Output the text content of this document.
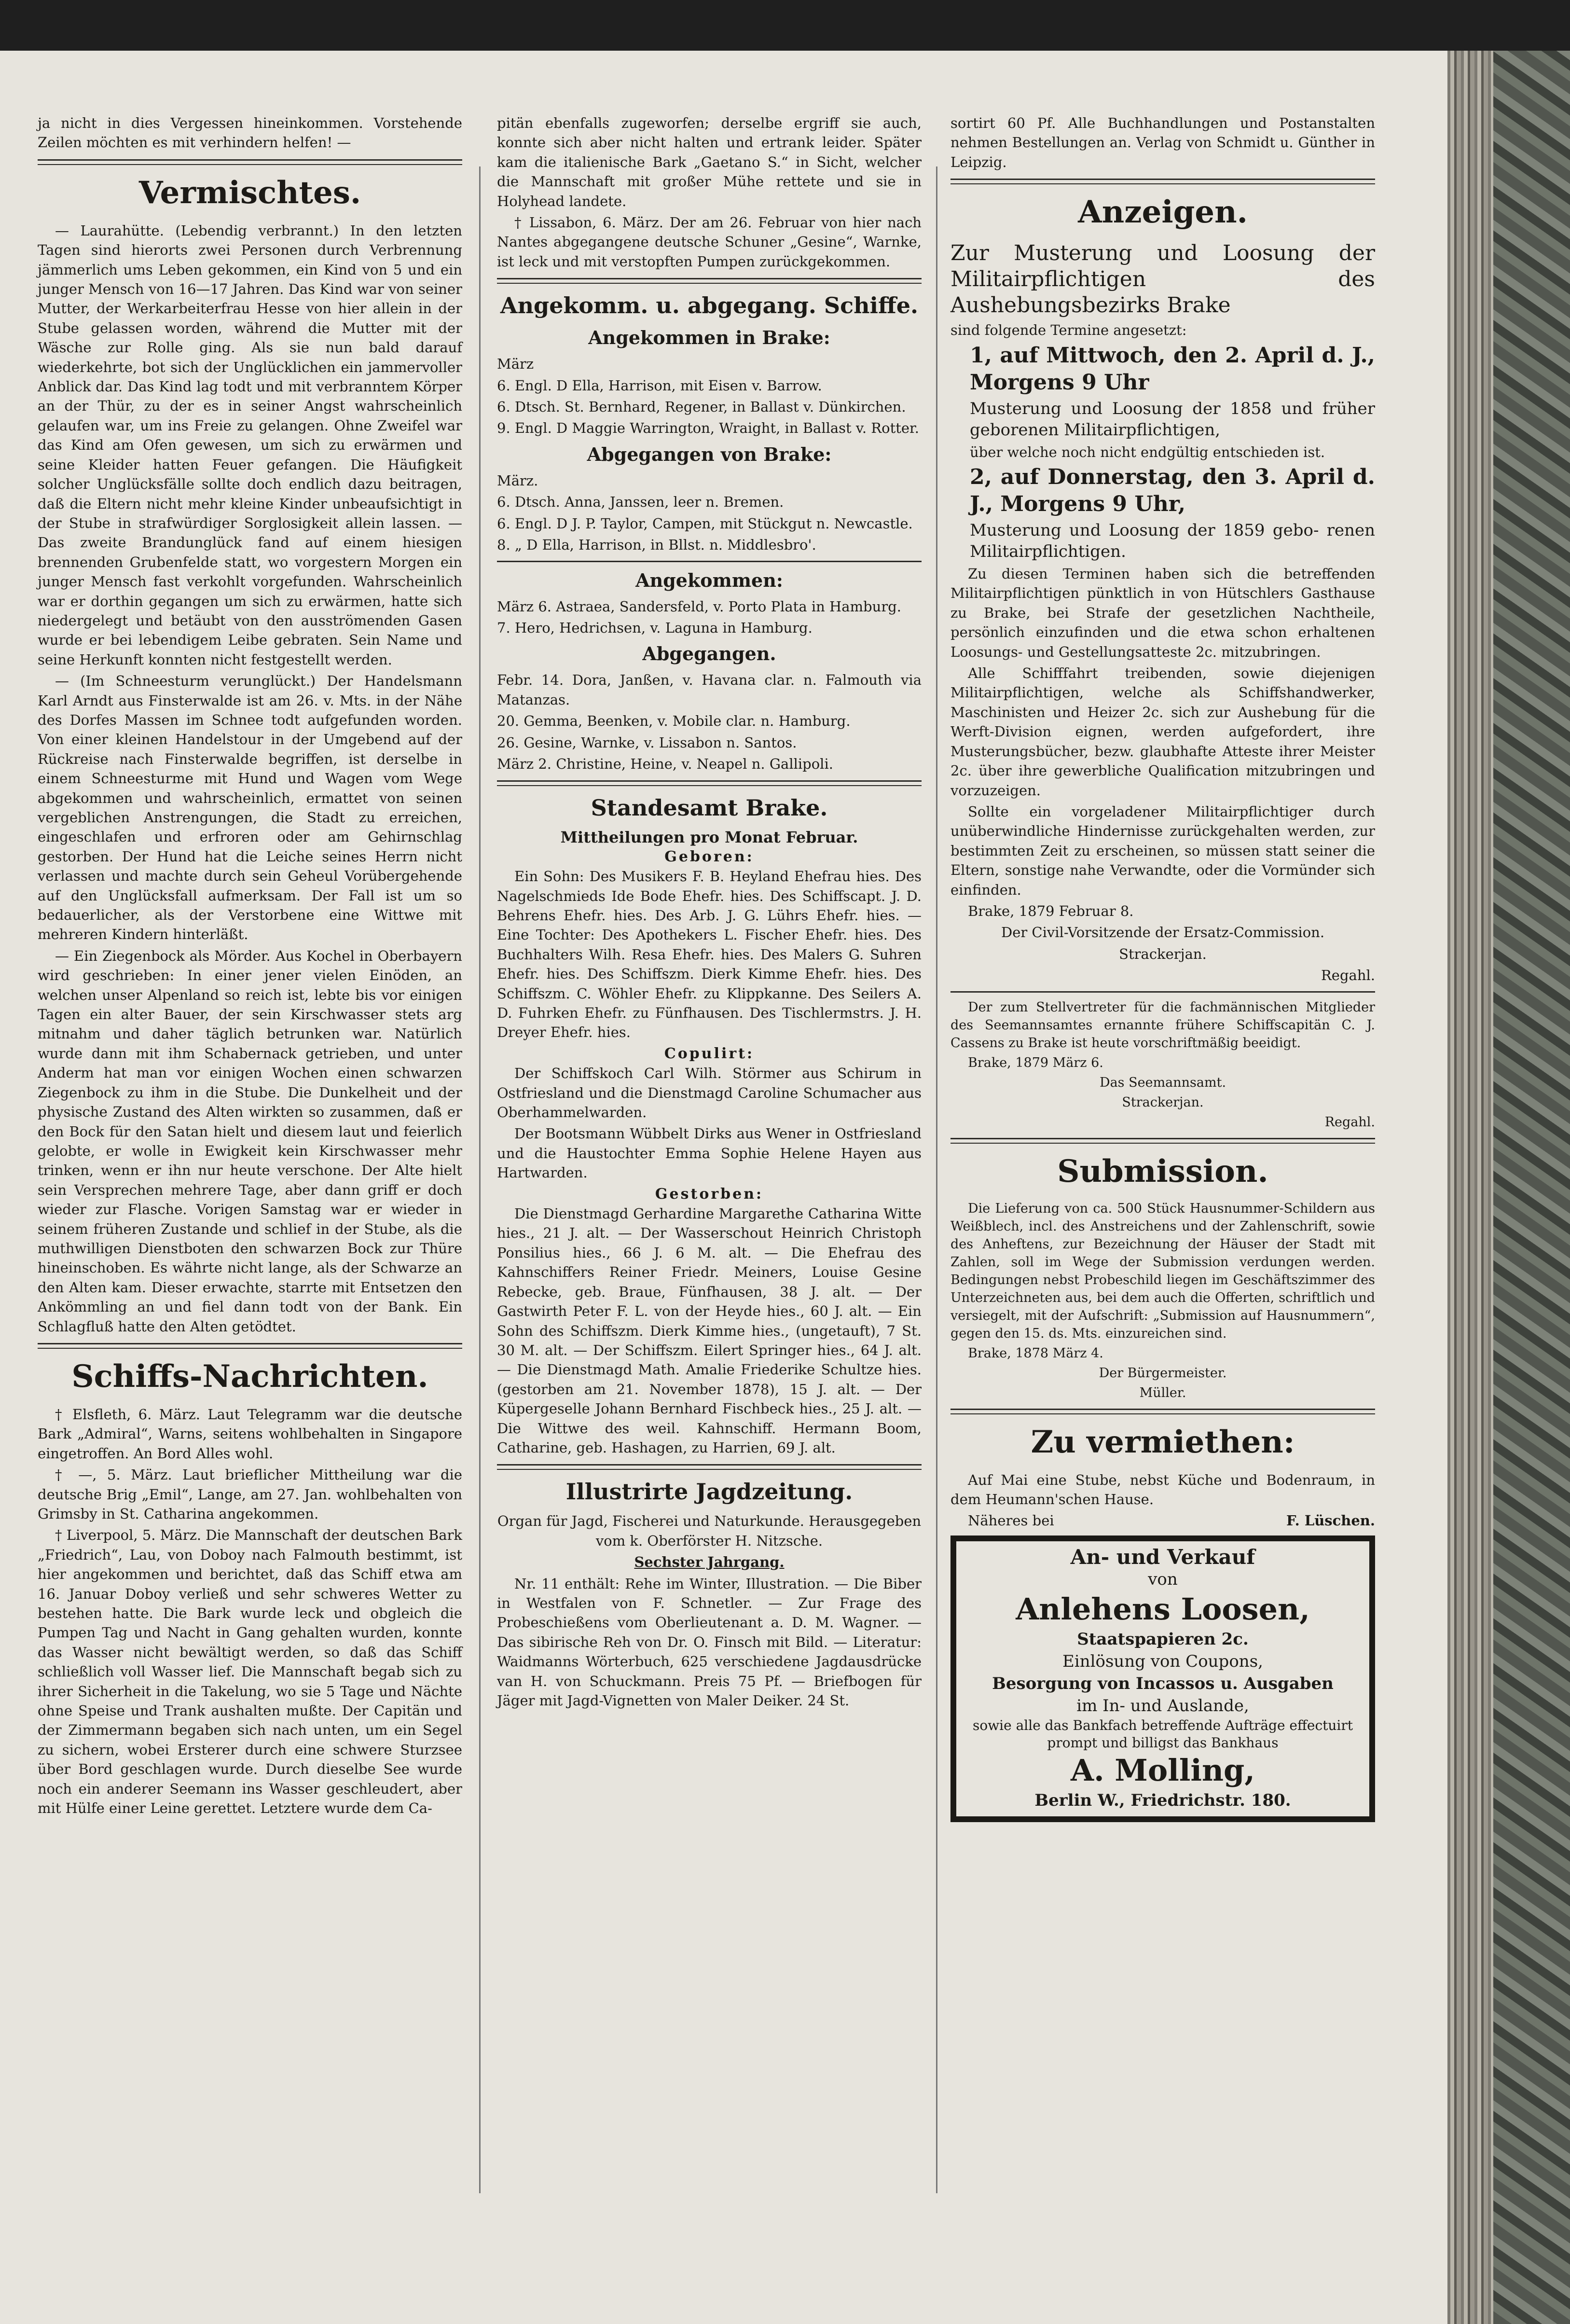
ja nicht in dies Vergessen hineinkommen. Vorstehende Zeilen möchten es mit verhindern helfen! —

Vermischtes.

— Laurahütte. (Lebendig verbrannt.) In den letzten Tagen sind hierorts zwei Personen durch Verbrennung jämmerlich ums Leben gekommen, ein Kind von 5 und ein junger Mensch von 16—17 Jahren. Das Kind war von seiner Mutter, der Werkarbeiterfrau Hesse von hier allein in der Stube gelassen worden, während die Mutter mit der Wäsche zur Rolle ging. Als sie nun bald darauf wiederkehrte, bot sich der Unglücklichen ein jammervoller Anblick dar. Das Kind lag todt und mit verbranntem Körper an der Thür, zu der es in seiner Angst wahrscheinlich gelaufen war, um ins Freie zu gelangen. Ohne Zweifel war das Kind am Ofen gewesen, um sich zu erwärmen und seine Kleider hatten Feuer gefangen. Die Häufigkeit solcher Unglücksfälle sollte doch endlich dazu beitragen, daß die Eltern nicht mehr kleine Kinder unbeaufsichtigt in der Stube in strafwürdiger Sorglosigkeit allein lassen. — Das zweite Brandunglück fand auf einem hiesigen brennenden Grubenfelde statt, wo vorgestern Morgen ein junger Mensch fast verkohlt vorgefunden. Wahrscheinlich war er dorthin gegangen um sich zu erwärmen, hatte sich niedergelegt und betäubt von den ausströmenden Gasen wurde er bei lebendigem Leibe gebraten. Sein Name und seine Herkunft konnten nicht festgestellt werden.

— (Im Schneesturm verunglückt.) Der Handelsmann Karl Arndt aus Finsterwalde ist am 26. v. Mts. in der Nähe des Dorfes Massen im Schnee todt aufgefunden worden. Von einer kleinen Handelstour in der Umgebend auf der Rückreise nach Finsterwalde begriffen, ist derselbe in einem Schneesturme mit Hund und Wagen vom Wege abgekommen und wahrscheinlich, ermattet von seinen vergeblichen Anstrengungen, die Stadt zu erreichen, eingeschlafen und erfroren oder am Gehirnschlag gestorben. Der Hund hat die Leiche seines Herrn nicht verlassen und machte durch sein Geheul Vorübergehende auf den Unglücksfall aufmerksam. Der Fall ist um so bedauerlicher, als der Verstorbene eine Wittwe mit mehreren Kindern hinterläßt.

— Ein Ziegenbock als Mörder. Aus Kochel in Oberbayern wird geschrieben: In einer jener vielen Einöden, an welchen unser Alpenland so reich ist, lebte bis vor einigen Tagen ein alter Bauer, der sein Kirschwasser stets arg mitnahm und daher täglich betrunken war. Natürlich wurde dann mit ihm Schabernack getrieben, und unter Anderm hat man vor einigen Wochen einen schwarzen Ziegenbock zu ihm in die Stube. Die Dunkelheit und der physische Zustand des Alten wirkten so zusammen, daß er den Bock für den Satan hielt und diesem laut und feierlich gelobte, er wolle in Ewigkeit kein Kirschwasser mehr trinken, wenn er ihn nur heute verschone. Der Alte hielt sein Versprechen mehrere Tage, aber dann griff er doch wieder zur Flasche. Vorigen Samstag war er wieder in seinem früheren Zustande und schlief in der Stube, als die muthwilligen Dienstboten den schwarzen Bock zur Thüre hineinschoben. Es währte nicht lange, als der Schwarze an den Alten kam. Dieser erwachte, starrte mit Entsetzen den Ankömmling an und fiel dann todt von der Bank. Ein Schlagfluß hatte den Alten getödtet.

Schiffs-Nachrichten.

† Elsfleth, 6. März. Laut Telegramm war die deutsche Bark „Admiral“, Warns, seitens wohlbehalten in Singapore eingetroffen. An Bord Alles wohl.

† —, 5. März. Laut brieflicher Mittheilung war die deutsche Brig „Emil“, Lange, am 27. Jan. wohlbehalten von Grimsby in St. Catharina angekommen.

† Liverpool, 5. März. Die Mannschaft der deutschen Bark „Friedrich“, Lau, von Doboy nach Falmouth bestimmt, ist hier angekommen und berichtet, daß das Schiff etwa am 16. Januar Doboy verließ und sehr schweres Wetter zu bestehen hatte. Die Bark wurde leck und obgleich die Pumpen Tag und Nacht in Gang gehalten wurden, konnte das Wasser nicht bewältigt werden, so daß das Schiff schließlich voll Wasser lief. Die Mannschaft begab sich zu ihrer Sicherheit in die Takelung, wo sie 5 Tage und Nächte ohne Speise und Trank aushalten mußte. Der Capitän und der Zimmermann begaben sich nach unten, um ein Segel zu sichern, wobei Ersterer durch eine schwere Sturzsee über Bord geschlagen wurde. Durch dieselbe See wurde noch ein anderer Seemann ins Wasser geschleudert, aber mit Hülfe einer Leine gerettet. Letztere wurde dem Ca-

pitän ebenfalls zugeworfen; derselbe ergriff sie auch, konnte sich aber nicht halten und ertrank leider. Später kam die italienische Bark „Gaetano S.“ in Sicht, welcher die Mannschaft mit großer Mühe rettete und sie in Holyhead landete.

† Lissabon, 6. März. Der am 26. Februar von hier nach Nantes abgegangene deutsche Schuner „Gesine“, Warnke, ist leck und mit verstopften Pumpen zurückgekommen.

Angekomm. u. abgegang. Schiffe.
Angekommen in Brake:

März

6. Engl. D Ella, Harrison, mit Eisen v. Barrow.

6. Dtsch. St. Bernhard, Regener, in Ballast v. Dünkirchen.

9. Engl. D Maggie Warrington, Wraight, in Ballast v. Rotter.

Abgegangen von Brake:

März.

6. Dtsch. Anna, Janssen, leer n. Bremen.

6. Engl. D J. P. Taylor, Campen, mit Stückgut n. Newcastle.

8. „ D Ella, Harrison, in Bllst. n. Middlesbro'.

Angekommen:

März 6. Astraea, Sandersfeld, v. Porto Plata in Hamburg.

7. Hero, Hedrichsen, v. Laguna in Hamburg.

Abgegangen.

Febr. 14. Dora, Janßen, v. Havana clar. n. Falmouth via Matanzas.

20. Gemma, Beenken, v. Mobile clar. n. Hamburg.

26. Gesine, Warnke, v. Lissabon n. Santos.

März 2. Christine, Heine, v. Neapel n. Gallipoli.

Standesamt Brake.
Mittheilungen pro Monat Februar.
Geboren:

Ein Sohn: Des Musikers F. B. Heyland Ehefrau hies. Des Nagelschmieds Ide Bode Ehefr. hies. Des Schiffscapt. J. D. Behrens Ehefr. hies. Des Arb. J. G. Lührs Ehefr. hies. — Eine Tochter: Des Apothekers L. Fischer Ehefr. hies. Des Buchhalters Wilh. Resa Ehefr. hies. Des Malers G. Suhren Ehefr. hies. Des Schiffszm. Dierk Kimme Ehefr. hies. Des Schiffszm. C. Wöhler Ehefr. zu Klippkanne. Des Seilers A. D. Fuhrken Ehefr. zu Fünfhausen. Des Tischlermstrs. J. H. Dreyer Ehefr. hies.

Copulirt:

Der Schiffskoch Carl Wilh. Störmer aus Schirum in Ostfriesland und die Dienstmagd Caroline Schumacher aus Oberhammelwarden.

Der Bootsmann Wübbelt Dirks aus Wener in Ostfriesland und die Haustochter Emma Sophie Helene Hayen aus Hartwarden.

Gestorben:

Die Dienstmagd Gerhardine Margarethe Catharina Witte hies., 21 J. alt. — Der Wasserschout Heinrich Christoph Ponsilius hies., 66 J. 6 M. alt. — Die Ehefrau des Kahnschiffers Reiner Friedr. Meiners, Louise Gesine Rebecke, geb. Braue, Fünfhausen, 38 J. alt. — Der Gastwirth Peter F. L. von der Heyde hies., 60 J. alt. — Ein Sohn des Schiffszm. Dierk Kimme hies., (ungetauft), 7 St. 30 M. alt. — Der Schiffszm. Eilert Springer hies., 64 J. alt. — Die Dienstmagd Math. Amalie Friederike Schultze hies. (gestorben am 21. November 1878), 15 J. alt. — Der Küpergeselle Johann Bernhard Fischbeck hies., 25 J. alt. — Die Wittwe des weil. Kahnschiff. Hermann Boom, Catharine, geb. Hashagen, zu Harrien, 69 J. alt.

Illustrirte Jagdzeitung.

Organ für Jagd, Fischerei und Naturkunde. Herausgegeben vom k. Oberförster H. Nitzsche.

Sechster Jahrgang.

Nr. 11 enthält: Rehe im Winter, Illustration. — Die Biber in Westfalen von F. Schnetler. — Zur Frage des Probeschießens vom Oberlieutenant a. D. M. Wagner. — Das sibirische Reh von Dr. O. Finsch mit Bild. — Literatur: Waidmanns Wörterbuch, 625 verschiedene Jagdausdrücke van H. von Schuckmann. Preis 75 Pf. — Briefbogen für Jäger mit Jagd-Vignetten von Maler Deiker. 24 St.

sortirt 60 Pf. Alle Buchhandlungen und Postanstalten nehmen Bestellungen an. Verlag von Schmidt u. Günther in Leipzig.

Anzeigen.

Zur Musterung und Loosung der Militairpflichtigen des Aushebungsbezirks Brake

sind folgende Termine angesetzt:

1, auf Mittwoch, den 2. April d. J., Morgens 9 Uhr

Musterung und Loosung der 1858 und früher geborenen Militairpflichtigen,

über welche noch nicht endgültig entschieden ist.

2, auf Donnerstag, den 3. April d. J., Morgens 9 Uhr,

Musterung und Loosung der 1859 gebo- renen Militairpflichtigen.

Zu diesen Terminen haben sich die betreffenden Militairpflichtigen pünktlich in von Hütschlers Gasthause zu Brake, bei Strafe der gesetzlichen Nachtheile, persönlich einzufinden und die etwa schon erhaltenen Loosungs- und Gestellungsatteste 2c. mitzubringen.

Alle Schifffahrt treibenden, sowie diejenigen Militairpflichtigen, welche als Schiffshandwerker, Maschinisten und Heizer 2c. sich zur Aushebung für die Werft-Division eignen, werden aufgefordert, ihre Musterungsbücher, bezw. glaubhafte Atteste ihrer Meister 2c. über ihre gewerbliche Qualification mitzubringen und vorzuzeigen.

Sollte ein vorgeladener Militairpflichtiger durch unüberwindliche Hindernisse zurückgehalten werden, zur bestimmten Zeit zu erscheinen, so müssen statt seiner die Eltern, sonstige nahe Verwandte, oder die Vormünder sich einfinden.

Brake, 1879 Februar 8.

Der Civil-Vorsitzende der Ersatz-Commission.

Strackerjan.

Regahl.

Der zum Stellvertreter für die fachmännischen Mitglieder des Seemannsamtes ernannte frühere Schiffscapitän C. J. Cassens zu Brake ist heute vorschriftmäßig beeidigt.

Brake, 1879 März 6.

Das Seemannsamt.

Strackerjan.

Regahl.

Submission.

Die Lieferung von ca. 500 Stück Hausnummer-Schildern aus Weißblech, incl. des Anstreichens und der Zahlenschrift, sowie des Anheftens, zur Bezeichnung der Häuser der Stadt mit Zahlen, soll im Wege der Submission verdungen werden. Bedingungen nebst Probeschild liegen im Geschäftszimmer des Unterzeichneten aus, bei dem auch die Offerten, schriftlich und versiegelt, mit der Aufschrift: „Submission auf Hausnummern“, gegen den 15. ds. Mts. einzureichen sind.

Brake, 1878 März 4.

Der Bürgermeister.

Müller.

Zu vermiethen:

Auf Mai eine Stube, nebst Küche und Bodenraum, in dem Heumann'schen Hause.

Näheres bei	F. Lüschen.

An- und Verkauf
von
Anlehens Loosen,
Staatspapieren 2c.
Einlösung von Coupons,
Besorgung von Incassos u. Ausgaben
im In- und Auslande,
sowie alle das Bankfach betreffende Aufträge effectuirt prompt und billigst das Bankhaus
A. Molling,
Berlin W., Friedrichstr. 180.
